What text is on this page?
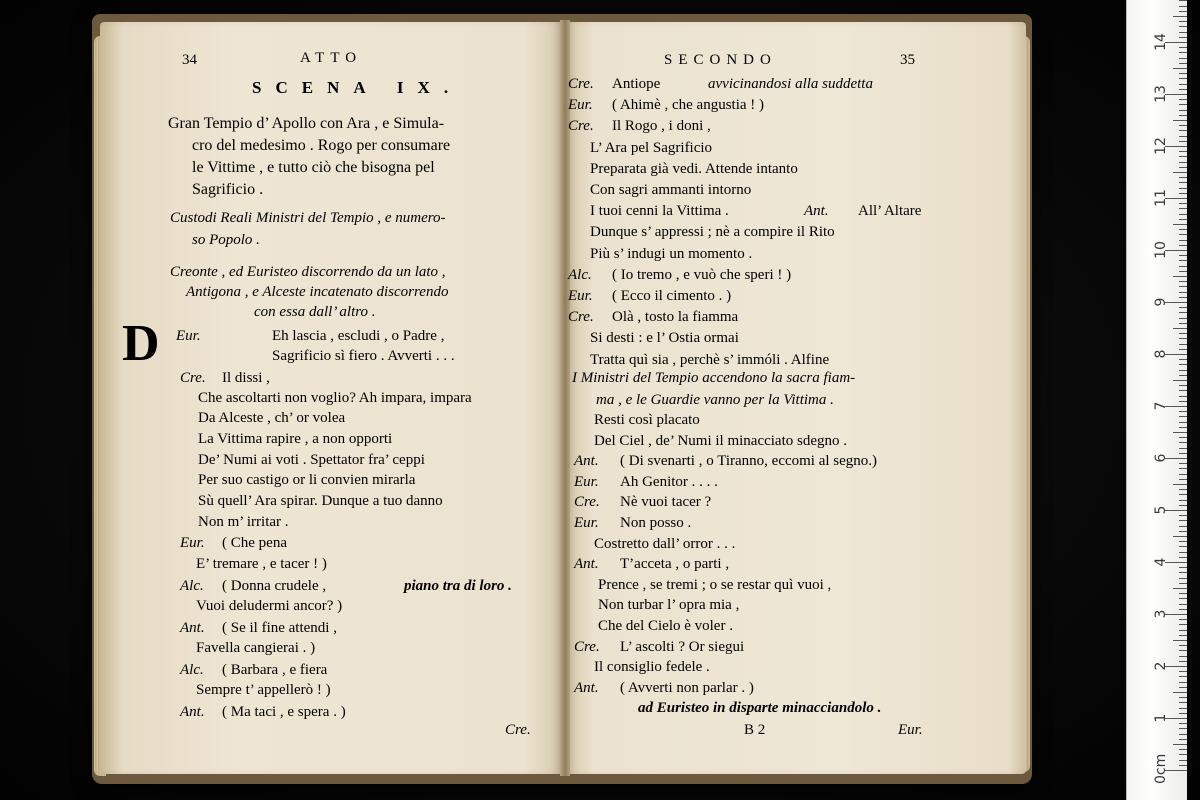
14
13
12
11
10
9
8
7
6
5
4
3
2
1
0cm
34	ATTO
SCENA IX.
Gran Tempio d’ Apollo con Ara , e Simula-
cro del medesimo . Rogo per consumare
le Vittime , e tutto ciò che bisogna pel
Sagrificio .
Custodi Reali Ministri del Tempio , e numero-
so Popolo .
Creonte , ed Euristeo discorrendo da un lato ,
Antigona , e Alceste incatenato discorrendo
con essa dall’ altro .
D Eur.	Eh lascia , escludi , o Padre ,
Sagrificio sì fiero . Avverti . . .
Cre. Il dissi ,
Che ascoltarti non voglio? Ah impara, impara
Da Alceste , ch’ or volea
La Vittima rapire , a non opporti
De’ Numi ai voti . Spettator fra’ ceppi
Per suo castigo or li convien mirarla
Sù quell’ Ara spirar. Dunque a tuo danno
Non m’ irritar .
Eur. ( Che pena
E’ tremare , e tacer ! )
Alc. ( Donna crudele ,	piano tra di loro .
Vuoi deludermi ancor? )
Ant. ( Se il fine attendi ,
Favella cangierai . )
Alc. ( Barbara , e fiera
Sempre t’ appellerò ! )
Ant. ( Ma taci , e spera . )
Cre.
SECONDO	35
Cre. Antiope	avvicinandosi alla suddetta
Eur. ( Ahimè , che angustia ! )
Cre. Il Rogo , i doni ,
L’ Ara pel Sagrificio
Preparata già vedi. Attende intanto
Con sagri ammanti intorno
I tuoi cenni la Vittima .	Ant. All’ Altare
Dunque s’ appressi ; nè a compire il Rito
Più s’ indugi un momento .
Alc. ( Io tremo , e vuò che speri ! )
Eur. ( Ecco il cimento . )
Cre. Olà , tosto la fiamma
Si desti : e l’ Ostia ormai
Tratta quì sia , perchè s’ immóli . Alfine
I Ministri del Tempio accendono la sacra fiam-
ma , e le Guardie vanno per la Vittima .
Resti così placato
Del Ciel , de’ Numi il minacciato sdegno .
Ant. ( Di svenarti , o Tiranno, eccomi al segno.)
Eur. Ah Genitor . . . .
Cre. Nè vuoi tacer ?
Eur. Non posso .
Costretto dall’ orror . . .
Ant. T’acceta , o parti ,
Prence , se tremi ; o se restar quì vuoi ,
Non turbar l’ opra mia ,
Che del Cielo è voler .
Cre. L’ ascolti ? Or siegui
Il consiglio fedele .
Ant. ( Avverti non parlar . )
ad Euristeo in disparte minacciandolo .
B 2	Eur.
